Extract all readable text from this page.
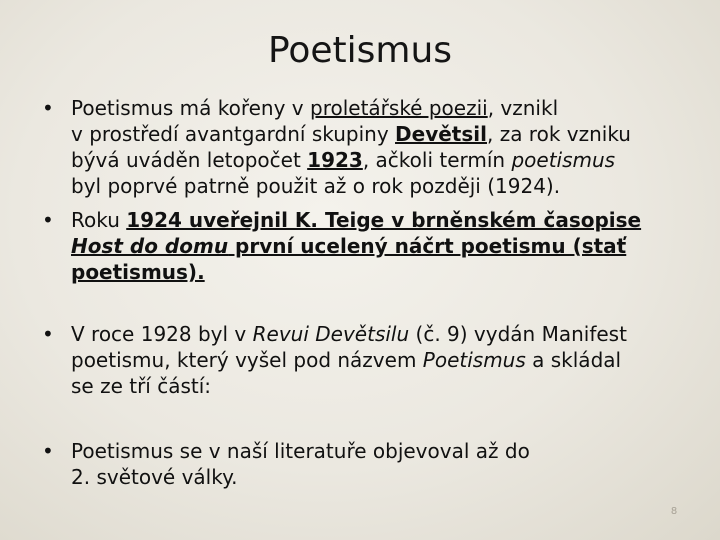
Poetismus
• Poetismus má kořeny v proletářské poezii, vznikl
v prostředí avantgardní skupiny Devětsil, za rok vzniku
bývá uváděn letopočet 1923, ačkoli termín poetismus
byl poprvé patrně použit až o rok později (1924).
• Roku 1924 uveřejnil K. Teige v brněnském časopise
Host do domu první ucelený náčrt poetismu (stať
poetismus).
• V roce 1928 byl v Revui Devětsilu (č. 9) vydán Manifest
poetismu, který vyšel pod názvem Poetismus a skládal
se ze tří částí:
• Poetismus se v naší literatuře objevoval až do
2. světové války.
8
